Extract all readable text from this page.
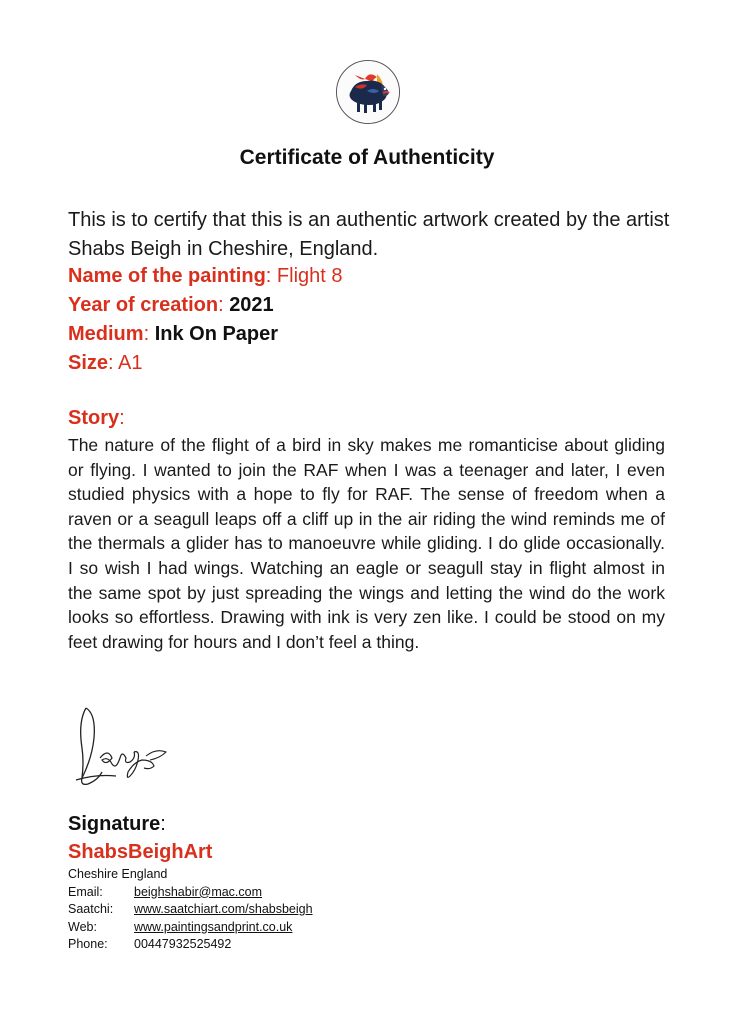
Certificate of Authenticity
This is to certify that this is an authentic artwork created by the artist Shabs Beigh in Cheshire, England.
Name of the painting: Flight 8
Year of creation: 2021
Medium: Ink On Paper
Size: A1
Story:
The nature of the flight of a bird in sky makes me romanticise about gliding or flying. I wanted to join the RAF when I was a teenager and later, I even studied physics with a hope to fly for RAF. The sense of freedom when a raven or a seagull leaps off a cliff up in the air riding the wind reminds me of the thermals a glider has to manoeuvre while gliding. I do glide occasionally. I so wish I had wings. Watching an eagle or seagull stay in flight almost in the same spot by just spreading the wings and letting the wind do the work looks so effortless. Drawing with ink is very zen like. I could be stood on my feet drawing for hours and I don’t feel a thing.
Signature:
ShabsBeighArt
Cheshire England
Email:	beighshabir@mac.com
Saatchi: www.saatchiart.com/shabsbeigh
Web:	www.paintingsandprint.co.uk
Phone: 00447932525492
